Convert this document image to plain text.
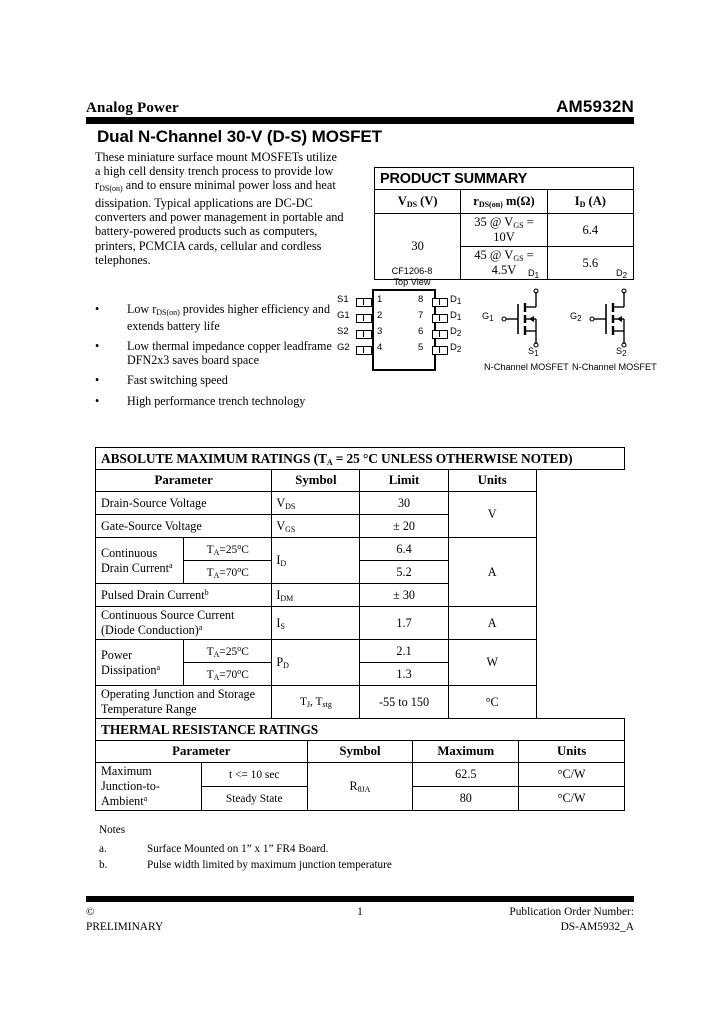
Analog Power	AM5932N
Dual N-Channel 30-V (D-S) MOSFET
These miniature surface mount MOSFETs utilize a high cell density trench process to provide low $r_{DS(on)}$ and to ensure minimal power loss and heat dissipation. Typical applications are DC-DC converters and power management in portable and battery-powered products such as computers, printers, PCMCIA cards, cellular and cordless telephones.
• Low $r_{DS(on)}$ provides higher efficiency and
extends battery life
• Low thermal impedance copper leadframe
DFN2x3 saves board space
• Fast switching speed
• High performance trench technology
PRODUCT SUMMARY		
$V_{DS}$ (V)	$r_{DS(on)}$ m(Ω)	$I_D$ (A)
30	35 @ $V_{GS} = 10V$	6.4
	45 @ $V_{GS} = 4.5V$	5.6
CF1206-8
Top View
S1
G1
S2
G2
1
2
3
4
8
7
6
5
$D_1$
$D_1$
$D_2$
$D_2$
D1
G1
S1
N-Channel MOSFET
D2
G2
S2
N-Channel MOSFET
ABSOLUTE MAXIMUM RATINGS ($T_A = 25$ °C UNLESS OTHERWISE NOTED)				
Parameter		Symbol	Limit	Units
Drain-Source Voltage		$V_{DS}$	30	V
Gate-Source Voltage		$V_{GS}$	± 20	
Continuous Drain Current$^a$	$T_A=25^oC$	$I_D$	6.4	A
	$T_A=70^oC$		5.2	
Pulsed Drain Current$^b$		$I_{DM}$	± 30	
Continuous Source Current (Diode Conduction)$^a$		$I_S$	1.7	A
Power Dissipation$^a$	$T_A=25^oC$	$P_D$	2.1	W
	$T_A=70^oC$		1.3	
Operating Junction and Storage Temperature Range		$T_J$, $T_{stg}$	-55 to 150	°C
THERMAL RESISTANCE RATINGS				
Parameter		Symbol	Maximum	Units
Maximum Junction-to-Ambient$^a$	t <= 10 sec	$R_{\theta JA}$	62.5	°C/W
	Steady State		80	°C/W
Notes
a.	Surface Mounted on 1” x 1” FR4 Board.
b.	Pulse width limited by maximum junction temperature
©
PRELIMINARY
1	Publication Order Number:
DS-AM5932_A
